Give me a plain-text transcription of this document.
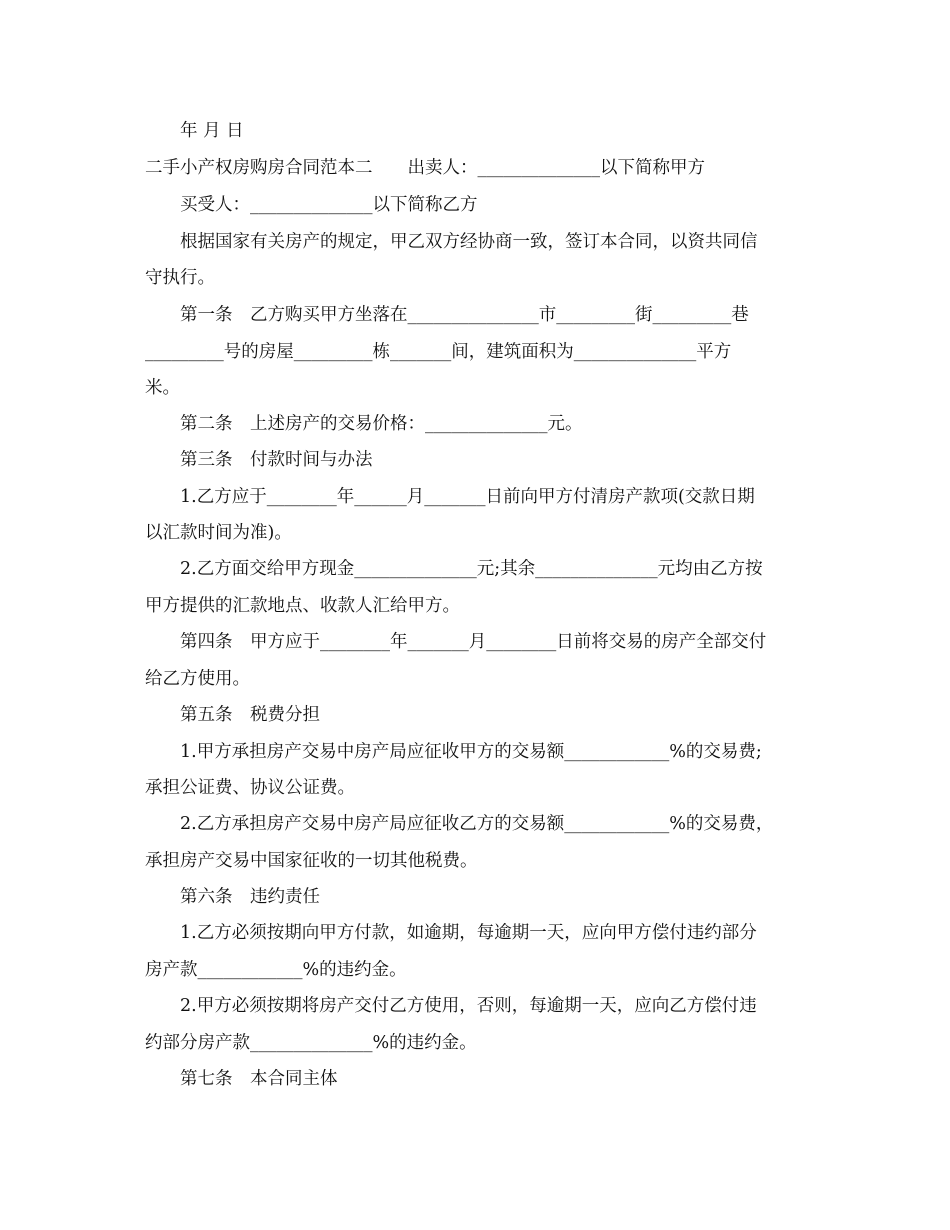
年 月 日
二手小产权房购房合同范本二　　出卖人：______________以下简称甲方
买受人：______________以下简称乙方
根据国家有关房产的规定，甲乙双方经协商一致，签订本合同，以资共同信
守执行。
第一条　乙方购买甲方坐落在_______________市_________街_________巷
_________号的房屋_________栋_______间，建筑面积为______________平方
米。
第二条　上述房产的交易价格：______________元。
第三条　付款时间与办法
1.乙方应于________年______月_______日前向甲方付清房产款项(交款日期
以汇款时间为准)。
2.乙方面交给甲方现金______________元;其余______________元均由乙方按
甲方提供的汇款地点、收款人汇给甲方。
第四条　甲方应于________年_______月________日前将交易的房产全部交付
给乙方使用。
第五条　税费分担
1.甲方承担房产交易中房产局应征收甲方的交易额____________%的交易费;
承担公证费、协议公证费。
2.乙方承担房产交易中房产局应征收乙方的交易额____________%的交易费，
承担房产交易中国家征收的一切其他税费。
第六条　违约责任
1.乙方必须按期向甲方付款，如逾期，每逾期一天，应向甲方偿付违约部分
房产款____________%的违约金。
2.甲方必须按期将房产交付乙方使用，否则，每逾期一天，应向乙方偿付违
约部分房产款______________%的违约金。
第七条　本合同主体
